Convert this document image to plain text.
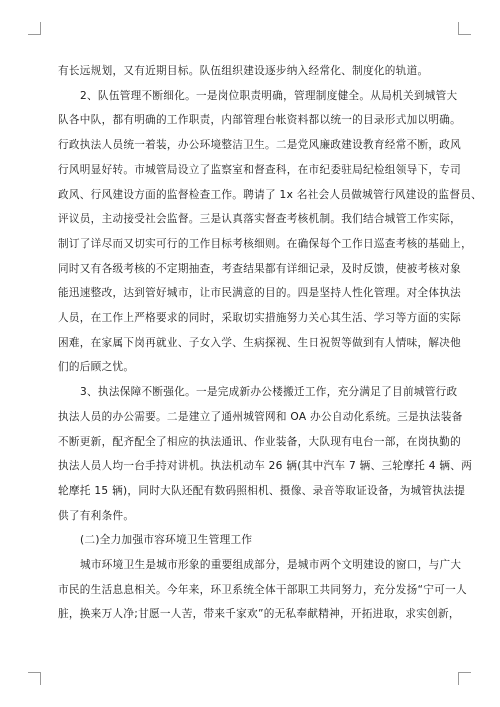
有长远规划，又有近期目标。队伍组织建设逐步纳入经常化、制度化的轨道。
2、队伍管理不断细化。一是岗位职责明确，管理制度健全。从局机关到城管大
队各中队，都有明确的工作职责，内部管理台帐资料都以统一的目录形式加以明确。
行政执法人员统一着装，办公环境整洁卫生。二是党风廉政建设教育经常不断，政风
行风明显好转。市城管局设立了监察室和督查科，在市纪委驻局纪检组领导下，专司
政风、行风建设方面的监督检查工作。聘请了 1x 名社会人员做城管行风建设的监督员、
评议员，主动接受社会监督。三是认真落实督查考核机制。我们结合城管工作实际，
制订了详尽而又切实可行的工作目标考核细则。在确保每个工作日巡查考核的基础上，
同时又有各级考核的不定期抽查，考查结果都有详细记录，及时反馈，使被考核对象
能迅速整改，达到管好城市，让市民满意的目的。四是坚持人性化管理。对全体执法
人员，在工作上严格要求的同时，采取切实措施努力关心其生活、学习等方面的实际
困难，在家属下岗再就业、子女入学、生病探视、生日祝贺等做到有人情味，解决他
们的后顾之忧。
3、执法保障不断强化。一是完成新办公楼搬迁工作，充分满足了目前城管行政
执法人员的办公需要。二是建立了通州城管网和 OA 办公自动化系统。三是执法装备
不断更新，配齐配全了相应的执法通讯、作业装备，大队现有电台一部，在岗执勤的
执法人员人均一台手持对讲机。执法机动车 26 辆(其中汽车 7 辆、三轮摩托 4 辆、两
轮摩托 15 辆)，同时大队还配有数码照相机、摄像、录音等取证设备，为城管执法提
供了有利条件。
(二)全力加强市容环境卫生管理工作
城市环境卫生是城市形象的重要组成部分，是城市两个文明建设的窗口，与广大
市民的生活息息相关。今年来，环卫系统全体干部职工共同努力，充分发扬“宁可一人
脏，换来万人净;甘愿一人苦，带来千家欢”的无私奉献精神，开拓进取，求实创新，
